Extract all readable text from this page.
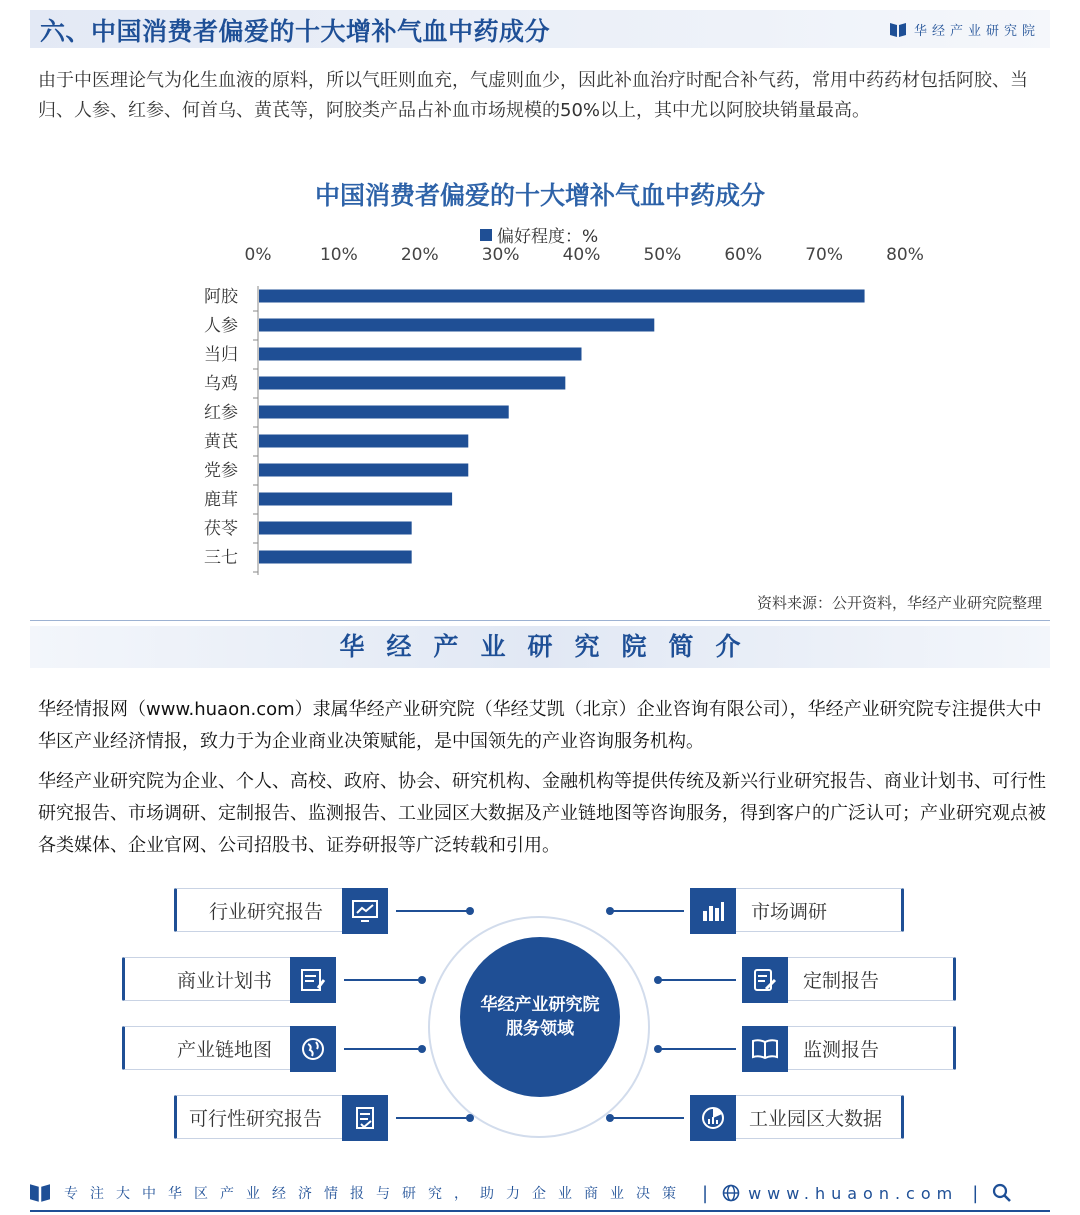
六、中国消费者偏爱的十大增补气血中药成分	华经产业研究院
由于中医理论气为化生血液的原料，所以气旺则血充，气虚则血少，因此补血治疗时配合补气药，常用中药药材包括阿胶、当归、人参、红参、何首乌、黄芪等，阿胶类产品占补血市场规模的50%以上，其中尤以阿胶块销量最高。
中国消费者偏爱的十大增补气血中药成分
偏好程度：%
0%	10%	20%	30%	40%	50%	60%	70%	80%
阿胶
人参
当归
乌鸡
红参
黄芪
党参
鹿茸
茯苓
三七
资料来源：公开资料，华经产业研究院整理
华经产业研究院简介
华经情报网（www.huaon.com）隶属华经产业研究院（华经艾凯（北京）企业咨询有限公司），华经产业研究院专注提供大中华区产业经济情报，致力于为企业商业决策赋能，是中国领先的产业咨询服务机构。
华经产业研究院为企业、个人、高校、政府、协会、研究机构、金融机构等提供传统及新兴行业研究报告、商业计划书、可行性研究报告、市场调研、定制报告、监测报告、工业园区大数据及产业链地图等咨询服务，得到客户的广泛认可；产业研究观点被各类媒体、企业官网、公司招股书、证券研报等广泛转载和引用。
华经产业研究院
服务领域
行业研究报告
商业计划书
产业链地图
可行性研究报告
市场调研
定制报告
监测报告
工业园区大数据
专注大中华区产业经济情报与研究，助力企业商业决策 |	www.huaon.com |
